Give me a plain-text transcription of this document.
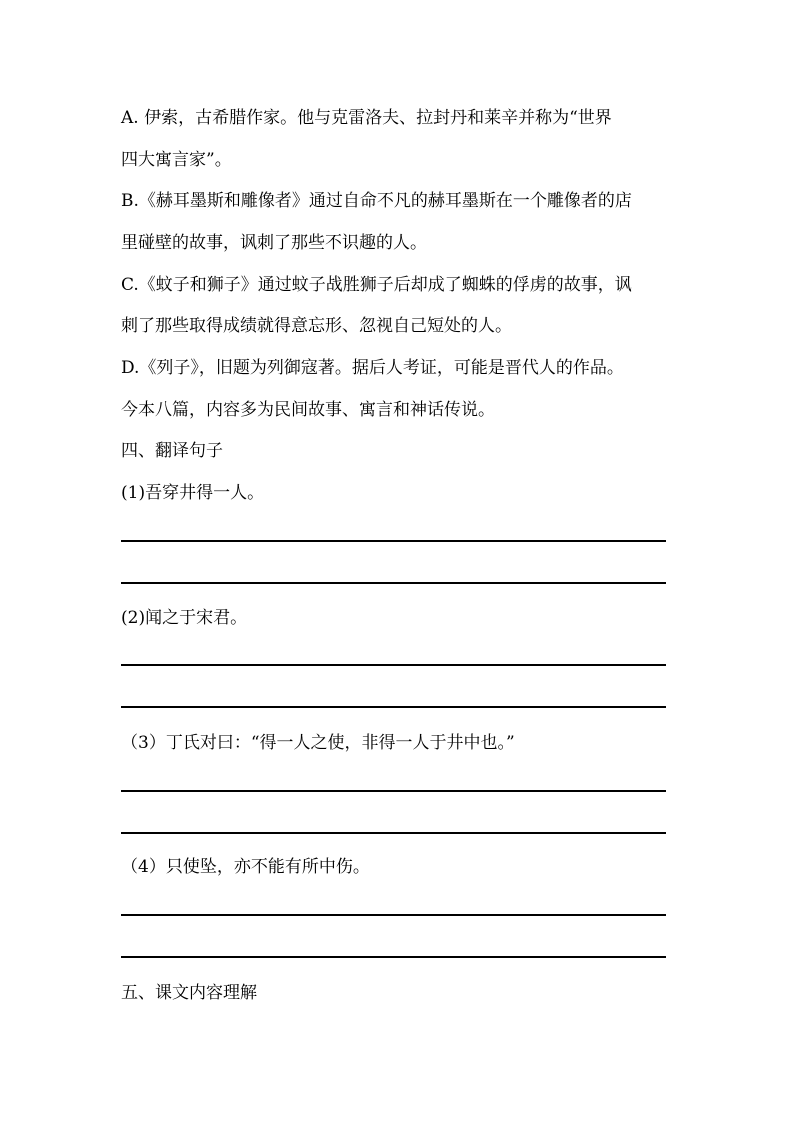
A. 伊索，古希腊作家。他与克雷洛夫、拉封丹和莱辛并称为“世界
四大寓言家”。
B.《赫耳墨斯和雕像者》通过自命不凡的赫耳墨斯在一个雕像者的店
里碰壁的故事，讽刺了那些不识趣的人。
C.《蚊子和狮子》通过蚊子战胜狮子后却成了蜘蛛的俘虏的故事，讽
刺了那些取得成绩就得意忘形、忽视自己短处的人。
D.《列子》，旧题为列御寇著。据后人考证，可能是晋代人的作品。
今本八篇，内容多为民间故事、寓言和神话传说。
四、翻译句子
(1)吾穿井得一人。
(2)闻之于宋君。
（3）丁氏对曰：“得一人之使，非得一人于井中也。”
（4）只使坠，亦不能有所中伤。
五、课文内容理解
